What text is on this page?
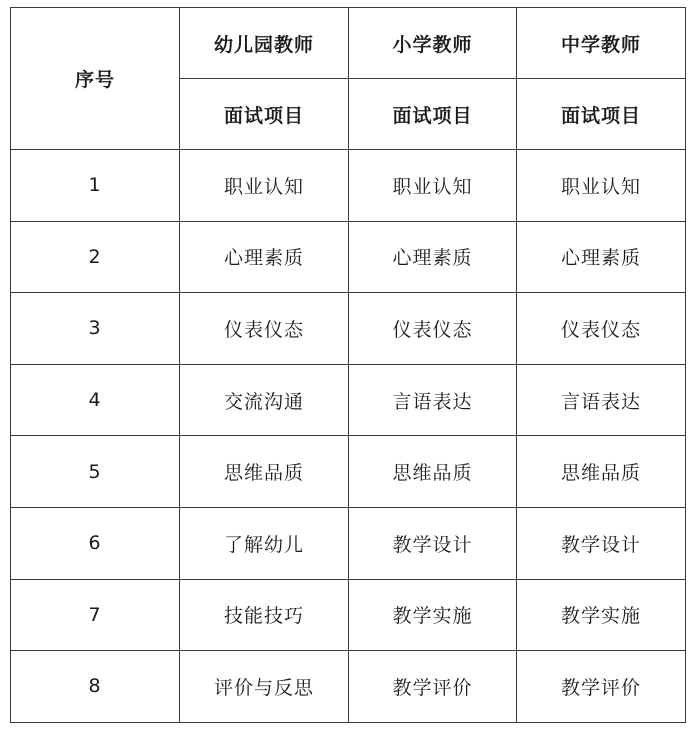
序号	幼儿园教师	小学教师	中学教师
	面试项目	面试项目	面试项目
1	职业认知	职业认知	职业认知
2	心理素质	心理素质	心理素质
3	仪表仪态	仪表仪态	仪表仪态
4	交流沟通	言语表达	言语表达
5	思维品质	思维品质	思维品质
6	了解幼儿	教学设计	教学设计
7	技能技巧	教学实施	教学实施
8	评价与反思	教学评价	教学评价
